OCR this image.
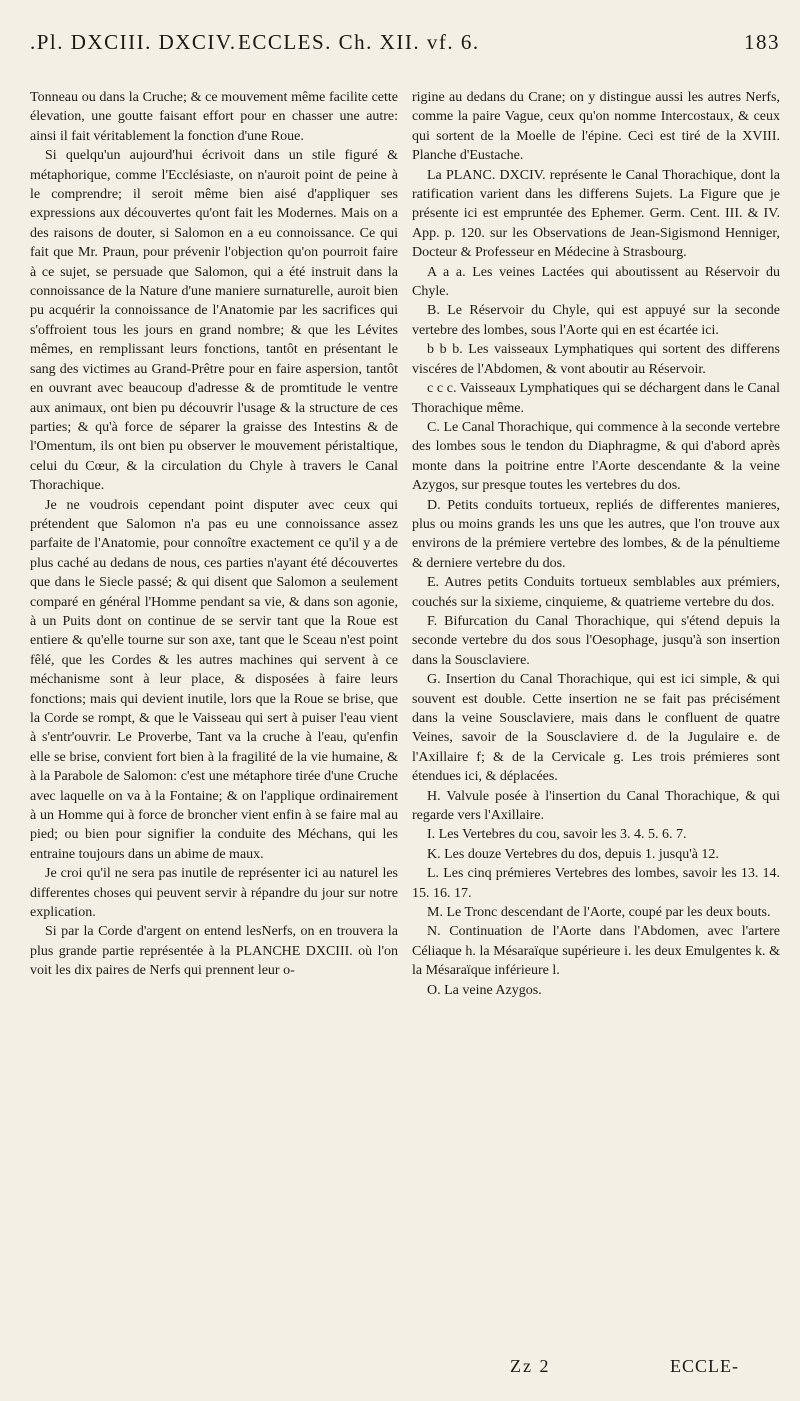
.Pl. DXCIII. DXCIV. ECCLES. Ch. XII. vf. 6.	183

Tonneau ou dans la Cruche; & ce mouvement même facilite cette élevation, une goutte faisant effort pour en chasser une autre: ainsi il fait véritablement la fonction d'une Roue.

Si quelqu'un aujourd'hui écrivoit dans un stile figuré & métaphorique, comme l'Ecclésiaste, on n'auroit point de peine à le comprendre; il seroit même bien aisé d'appliquer ses expressions aux découvertes qu'ont fait les Modernes. Mais on a des raisons de douter, si Salomon en a eu connoissance. Ce qui fait que Mr. Praun, pour prévenir l'objection qu'on pourroit faire à ce sujet, se persuade que Salomon, qui a été instruit dans la connoissance de la Nature d'une maniere surnaturelle, auroit bien pu acquérir la connoissance de l'Anatomie par les sacrifices qui s'offroient tous les jours en grand nombre; & que les Lévites mêmes, en remplissant leurs fonctions, tantôt en présentant le sang des victimes au Grand-Prêtre pour en faire aspersion, tantôt en ouvrant avec beaucoup d'adresse & de promtitude le ventre aux animaux, ont bien pu découvrir l'usage & la structure de ces parties; & qu'à force de séparer la graisse des Intestins & de l'Omentum, ils ont bien pu observer le mouvement péristaltique, celui du Cœur, & la circulation du Chyle à travers le Canal Thorachique.

Je ne voudrois cependant point disputer avec ceux qui prétendent que Salomon n'a pas eu une connoissance assez parfaite de l'Anatomie, pour connoître exactement ce qu'il y a de plus caché au dedans de nous, ces parties n'ayant été découvertes que dans le Siecle passé; & qui disent que Salomon a seulement comparé en général l'Homme pendant sa vie, & dans son agonie, à un Puits dont on continue de se servir tant que la Roue est entiere & qu'elle tourne sur son axe, tant que le Sceau n'est point fêlé, que les Cordes & les autres machines qui servent à ce méchanisme sont à leur place, & disposées à faire leurs fonctions; mais qui devient inutile, lors que la Roue se brise, que la Corde se rompt, & que le Vaisseau qui sert à puiser l'eau vient à s'entr'ouvrir. Le Proverbe, Tant va la cruche à l'eau, qu'enfin elle se brise, convient fort bien à la fragilité de la vie humaine, & à la Parabole de Salomon: c'est une métaphore tirée d'une Cruche avec laquelle on va à la Fontaine; & on l'applique ordinairement à un Homme qui à force de broncher vient enfin à se faire mal au pied; ou bien pour signifier la conduite des Méchans, qui les entraine toujours dans un abime de maux.

Je croi qu'il ne sera pas inutile de représenter ici au naturel les differentes choses qui peuvent servir à répandre du jour sur notre explication.

Si par la Corde d'argent on entend lesNerfs, on en trouvera la plus grande partie représentée à la PLANCHE DXCIII. où l'on voit les dix paires de Nerfs qui prennent leur o-

rigine au dedans du Crane; on y distingue aussi les autres Nerfs, comme la paire Vague, ceux qu'on nomme Intercostaux, & ceux qui sortent de la Moelle de l'épine. Ceci est tiré de la XVIII. Planche d'Eustache.

La PLANC. DXCIV. représente le Canal Thorachique, dont la ratification varient dans les differens Sujets. La Figure que je présente ici est empruntée des Ephemer. Germ. Cent. III. & IV. App. p. 120. sur les Observations de Jean-Sigismond Henniger, Docteur & Professeur en Médecine à Strasbourg.

A a a. Les veines Lactées qui aboutissent au Réservoir du Chyle.

B. Le Réservoir du Chyle, qui est appuyé sur la seconde vertebre des lombes, sous l'Aorte qui en est écartée ici.

b b b. Les vaisseaux Lymphatiques qui sortent des differens viscéres de l'Abdomen, & vont aboutir au Réservoir.

c c c. Vaisseaux Lymphatiques qui se déchargent dans le Canal Thorachique même.

C. Le Canal Thorachique, qui commence à la seconde vertebre des lombes sous le tendon du Diaphragme, & qui d'abord après monte dans la poitrine entre l'Aorte descendante & la veine Azygos, sur presque toutes les vertebres du dos.

D. Petits conduits tortueux, repliés de differentes manieres, plus ou moins grands les uns que les autres, que l'on trouve aux environs de la prémiere vertebre des lombes, & de la pénultieme & derniere vertebre du dos.

E. Autres petits Conduits tortueux semblables aux prémiers, couchés sur la sixieme, cinquieme, & quatrieme vertebre du dos.

F. Bifurcation du Canal Thorachique, qui s'étend depuis la seconde vertebre du dos sous l'Oesophage, jusqu'à son insertion dans la Sousclaviere.

G. Insertion du Canal Thorachique, qui est ici simple, & qui souvent est double. Cette insertion ne se fait pas précisément dans la veine Sousclaviere, mais dans le confluent de quatre Veines, savoir de la Sousclaviere d. de la Jugulaire e. de l'Axillaire f; & de la Cervicale g. Les trois prémieres sont étendues ici, & déplacées.

H. Valvule posée à l'insertion du Canal Thorachique, & qui regarde vers l'Axillaire.

I. Les Vertebres du cou, savoir les 3. 4. 5. 6. 7.

K. Les douze Vertebres du dos, depuis 1. jusqu'à 12.

L. Les cinq prémieres Vertebres des lombes, savoir les 13. 14. 15. 16. 17.

M. Le Tronc descendant de l'Aorte, coupé par les deux bouts.

N. Continuation de l'Aorte dans l'Abdomen, avec l'artere Céliaque h. la Mésaraïque supérieure i. les deux Emulgentes k. & la Mésaraïque inférieure l.

O. La veine Azygos.

Zz 2	ECCLE-
